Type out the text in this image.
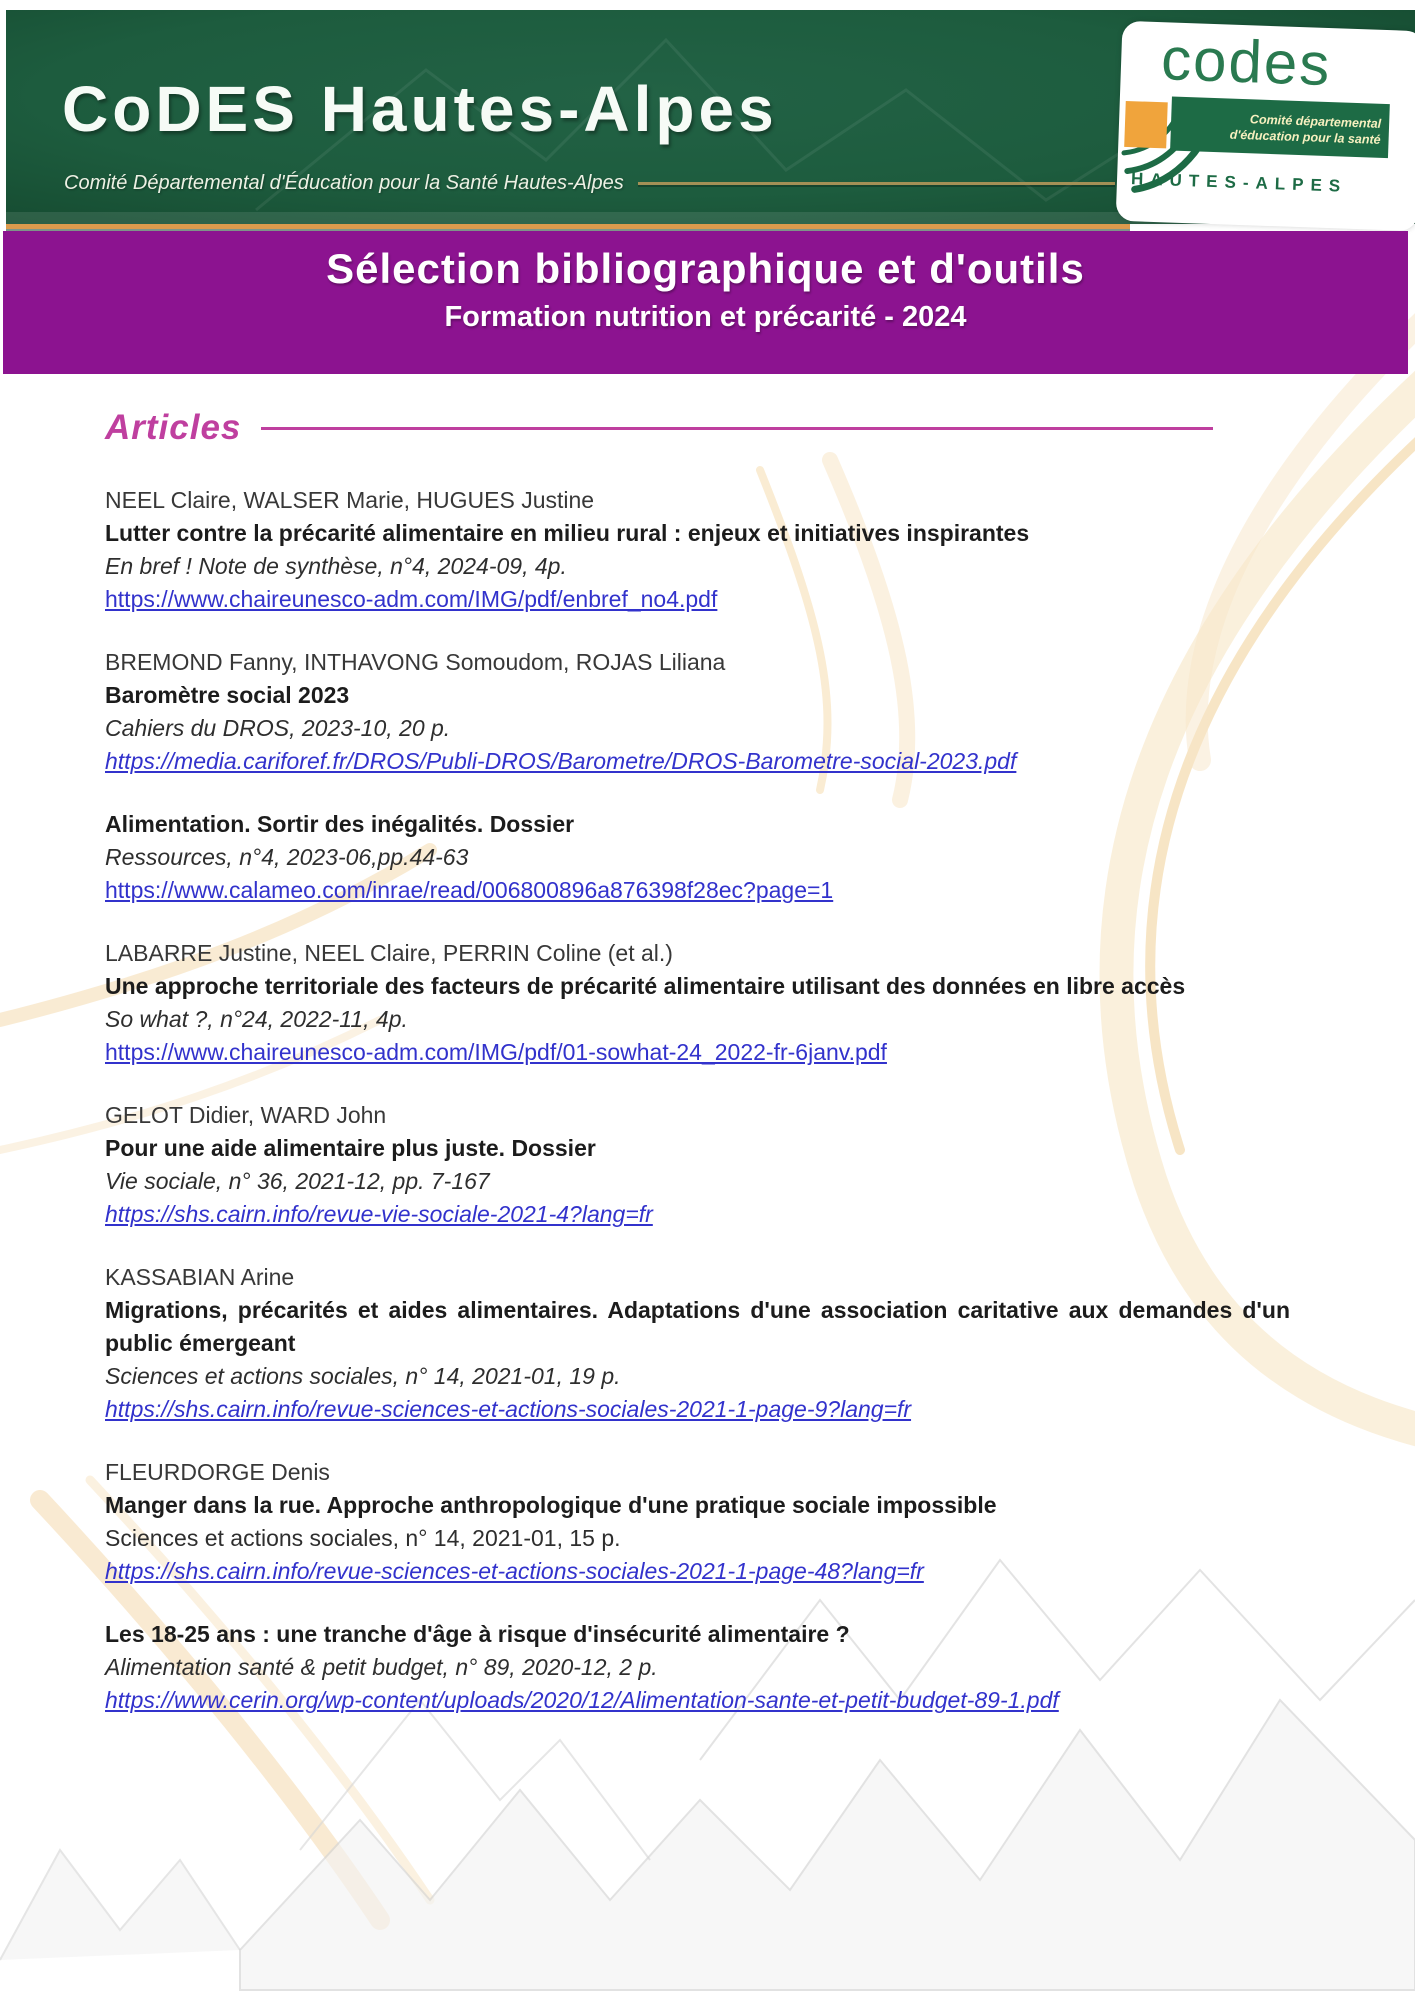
CoDES Hautes-Alpes
Comité Départemental d'Éducation pour la Santé Hautes-Alpes
Sélection bibliographique et d'outils
Formation nutrition et précarité - 2024
codes
Comité départemental
d'éducation pour la santé
HAUTES-ALPES
Articles
NEEL Claire, WALSER Marie, HUGUES Justine
Lutter contre la précarité alimentaire en milieu rural : enjeux et initiatives inspirantes
En bref ! Note de synthèse, n°4, 2024-09, 4p.
https://www.chaireunesco-adm.com/IMG/pdf/enbref_no4.pdf
BREMOND Fanny, INTHAVONG Somoudom, ROJAS Liliana
Baromètre social 2023
Cahiers du DROS, 2023-10, 20 p.
https://media.cariforef.fr/DROS/Publi-DROS/Barometre/DROS-Barometre-social-2023.pdf
Alimentation. Sortir des inégalités. Dossier
Ressources, n°4, 2023-06,pp.44-63
https://www.calameo.com/inrae/read/006800896a876398f28ec?page=1
LABARRE Justine, NEEL Claire, PERRIN Coline (et al.)
Une approche territoriale des facteurs de précarité alimentaire utilisant des données en libre accès
So what ?, n°24, 2022-11, 4p.
https://www.chaireunesco-adm.com/IMG/pdf/01-sowhat-24_2022-fr-6janv.pdf
GELOT Didier, WARD John
Pour une aide alimentaire plus juste. Dossier
Vie sociale, n° 36, 2021-12, pp. 7-167
https://shs.cairn.info/revue-vie-sociale-2021-4?lang=fr
KASSABIAN Arine
Migrations, précarités et aides alimentaires. Adaptations d'une association caritative aux demandes d'un public émergeant
Sciences et actions sociales, n° 14, 2021-01, 19 p.
https://shs.cairn.info/revue-sciences-et-actions-sociales-2021-1-page-9?lang=fr
FLEURDORGE Denis
Manger dans la rue. Approche anthropologique d'une pratique sociale impossible
Sciences et actions sociales, n° 14, 2021-01, 15 p.
https://shs.cairn.info/revue-sciences-et-actions-sociales-2021-1-page-48?lang=fr
Les 18-25 ans : une tranche d'âge à risque d'insécurité alimentaire ?
Alimentation santé & petit budget, n° 89, 2020-12, 2 p.
https://www.cerin.org/wp-content/uploads/2020/12/Alimentation-sante-et-petit-budget-89-1.pdf
